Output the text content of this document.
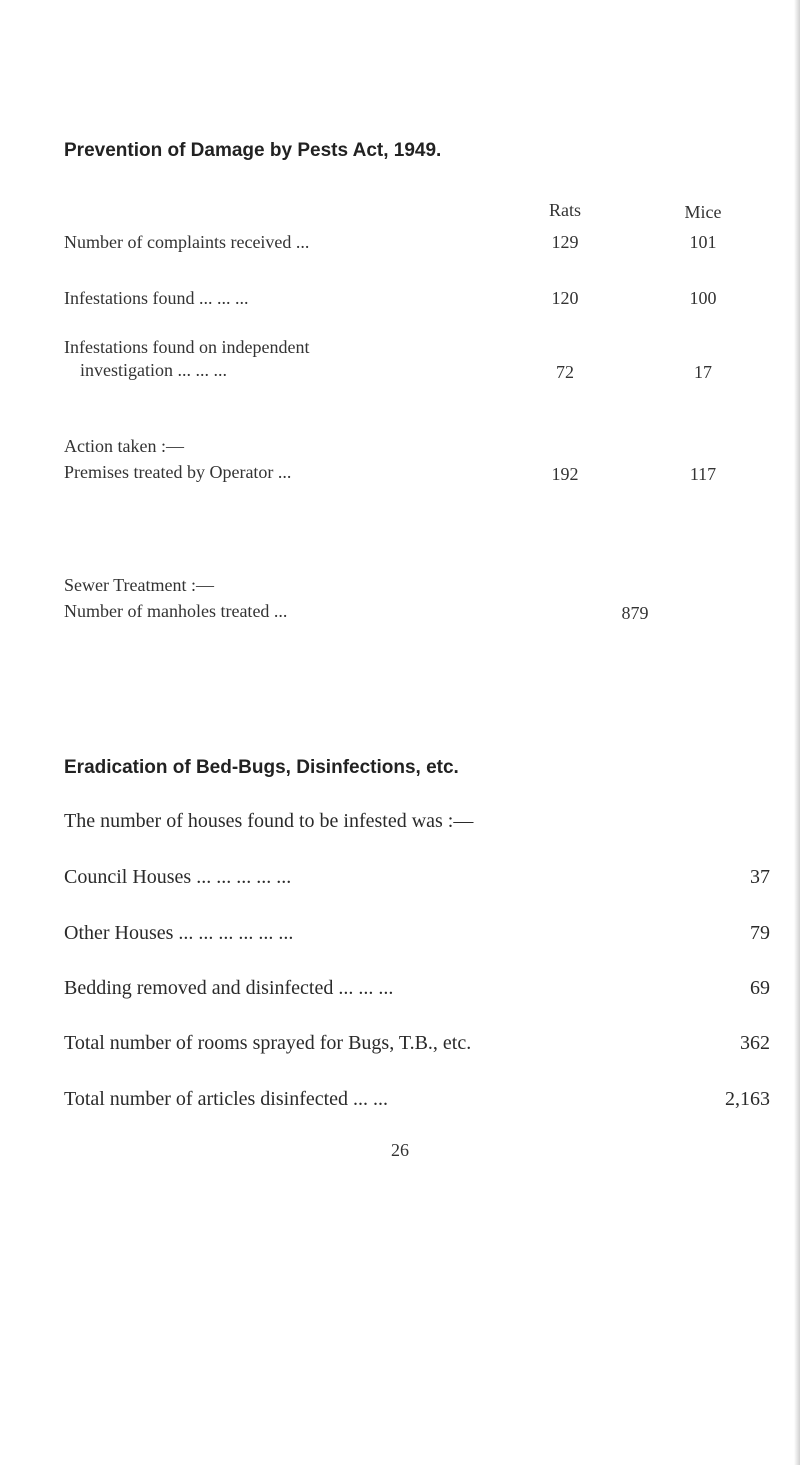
Prevention of Damage by Pests Act, 1949.
Rats	Mice
Number of complaints received ...	129	101
Infestations found ... ... ...	120	100
Infestations found on independent
investigation ... ... ...	72	17
Action taken :—
Premises treated by Operator ...	192	117
Sewer Treatment :—
Number of manholes treated ...	879
Eradication of Bed-Bugs, Disinfections, etc.
The number of houses found to be infested was :—
Council Houses ... ... ... ... ...	37
Other Houses ... ... ... ... ... ...	79
Bedding removed and disinfected ... ... ...	69
Total number of rooms sprayed for Bugs, T.B., etc.	362
Total number of articles disinfected ... ...	2,163
26
